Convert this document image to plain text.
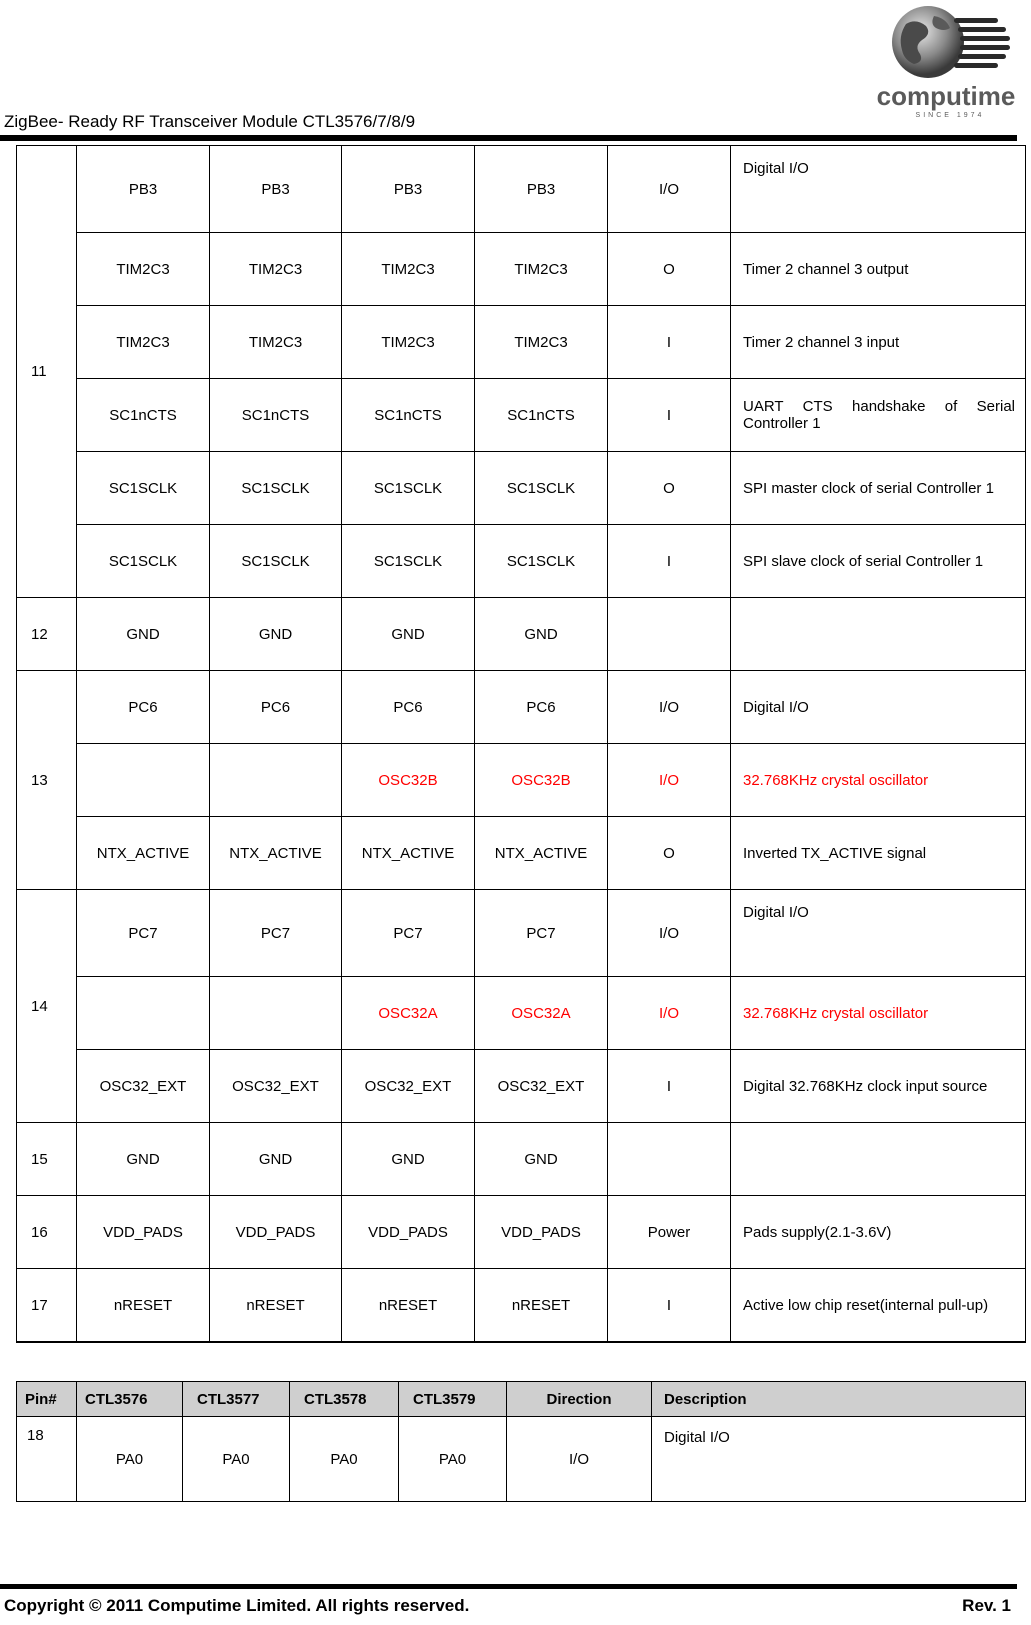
ZigBee- Ready RF Transceiver Module CTL3576/7/8/9
computime
SINCE 1974
11	PB3	PB3	PB3	PB3	I/O	Digital I/O
	TIM2C3	TIM2C3	TIM2C3	TIM2C3	O	Timer 2 channel 3 output
	TIM2C3	TIM2C3	TIM2C3	TIM2C3	I	Timer 2 channel 3 input
	SC1nCTS	SC1nCTS	SC1nCTS	SC1nCTS	I	UART CTS handshake of Serial Controller 1
	SC1SCLK	SC1SCLK	SC1SCLK	SC1SCLK	O	SPI master clock of serial Controller 1
	SC1SCLK	SC1SCLK	SC1SCLK	SC1SCLK	I	SPI slave clock of serial Controller 1
12	GND	GND	GND	GND		
13	PC6	PC6	PC6	PC6	I/O	Digital I/O
			OSC32B	OSC32B	I/O	32.768KHz crystal oscillator
	NTX_ACTIVE	NTX_ACTIVE	NTX_ACTIVE	NTX_ACTIVE	O	Inverted TX_ACTIVE signal
14	PC7	PC7	PC7	PC7	I/O	Digital I/O
			OSC32A	OSC32A	I/O	32.768KHz crystal oscillator
	OSC32_EXT	OSC32_EXT	OSC32_EXT	OSC32_EXT	I	Digital 32.768KHz clock input source
15	GND	GND	GND	GND		
16	VDD_PADS	VDD_PADS	VDD_PADS	VDD_PADS	Power	Pads supply(2.1-3.6V)
17	nRESET	nRESET	nRESET	nRESET	I	Active low chip reset(internal pull-up)
Pin#	CTL3576	CTL3577	CTL3578	CTL3579	Direction	Description
18	PA0	PA0	PA0	PA0	I/O	Digital I/O
Copyright © 2011 Computime Limited. All rights reserved.	Rev. 1
